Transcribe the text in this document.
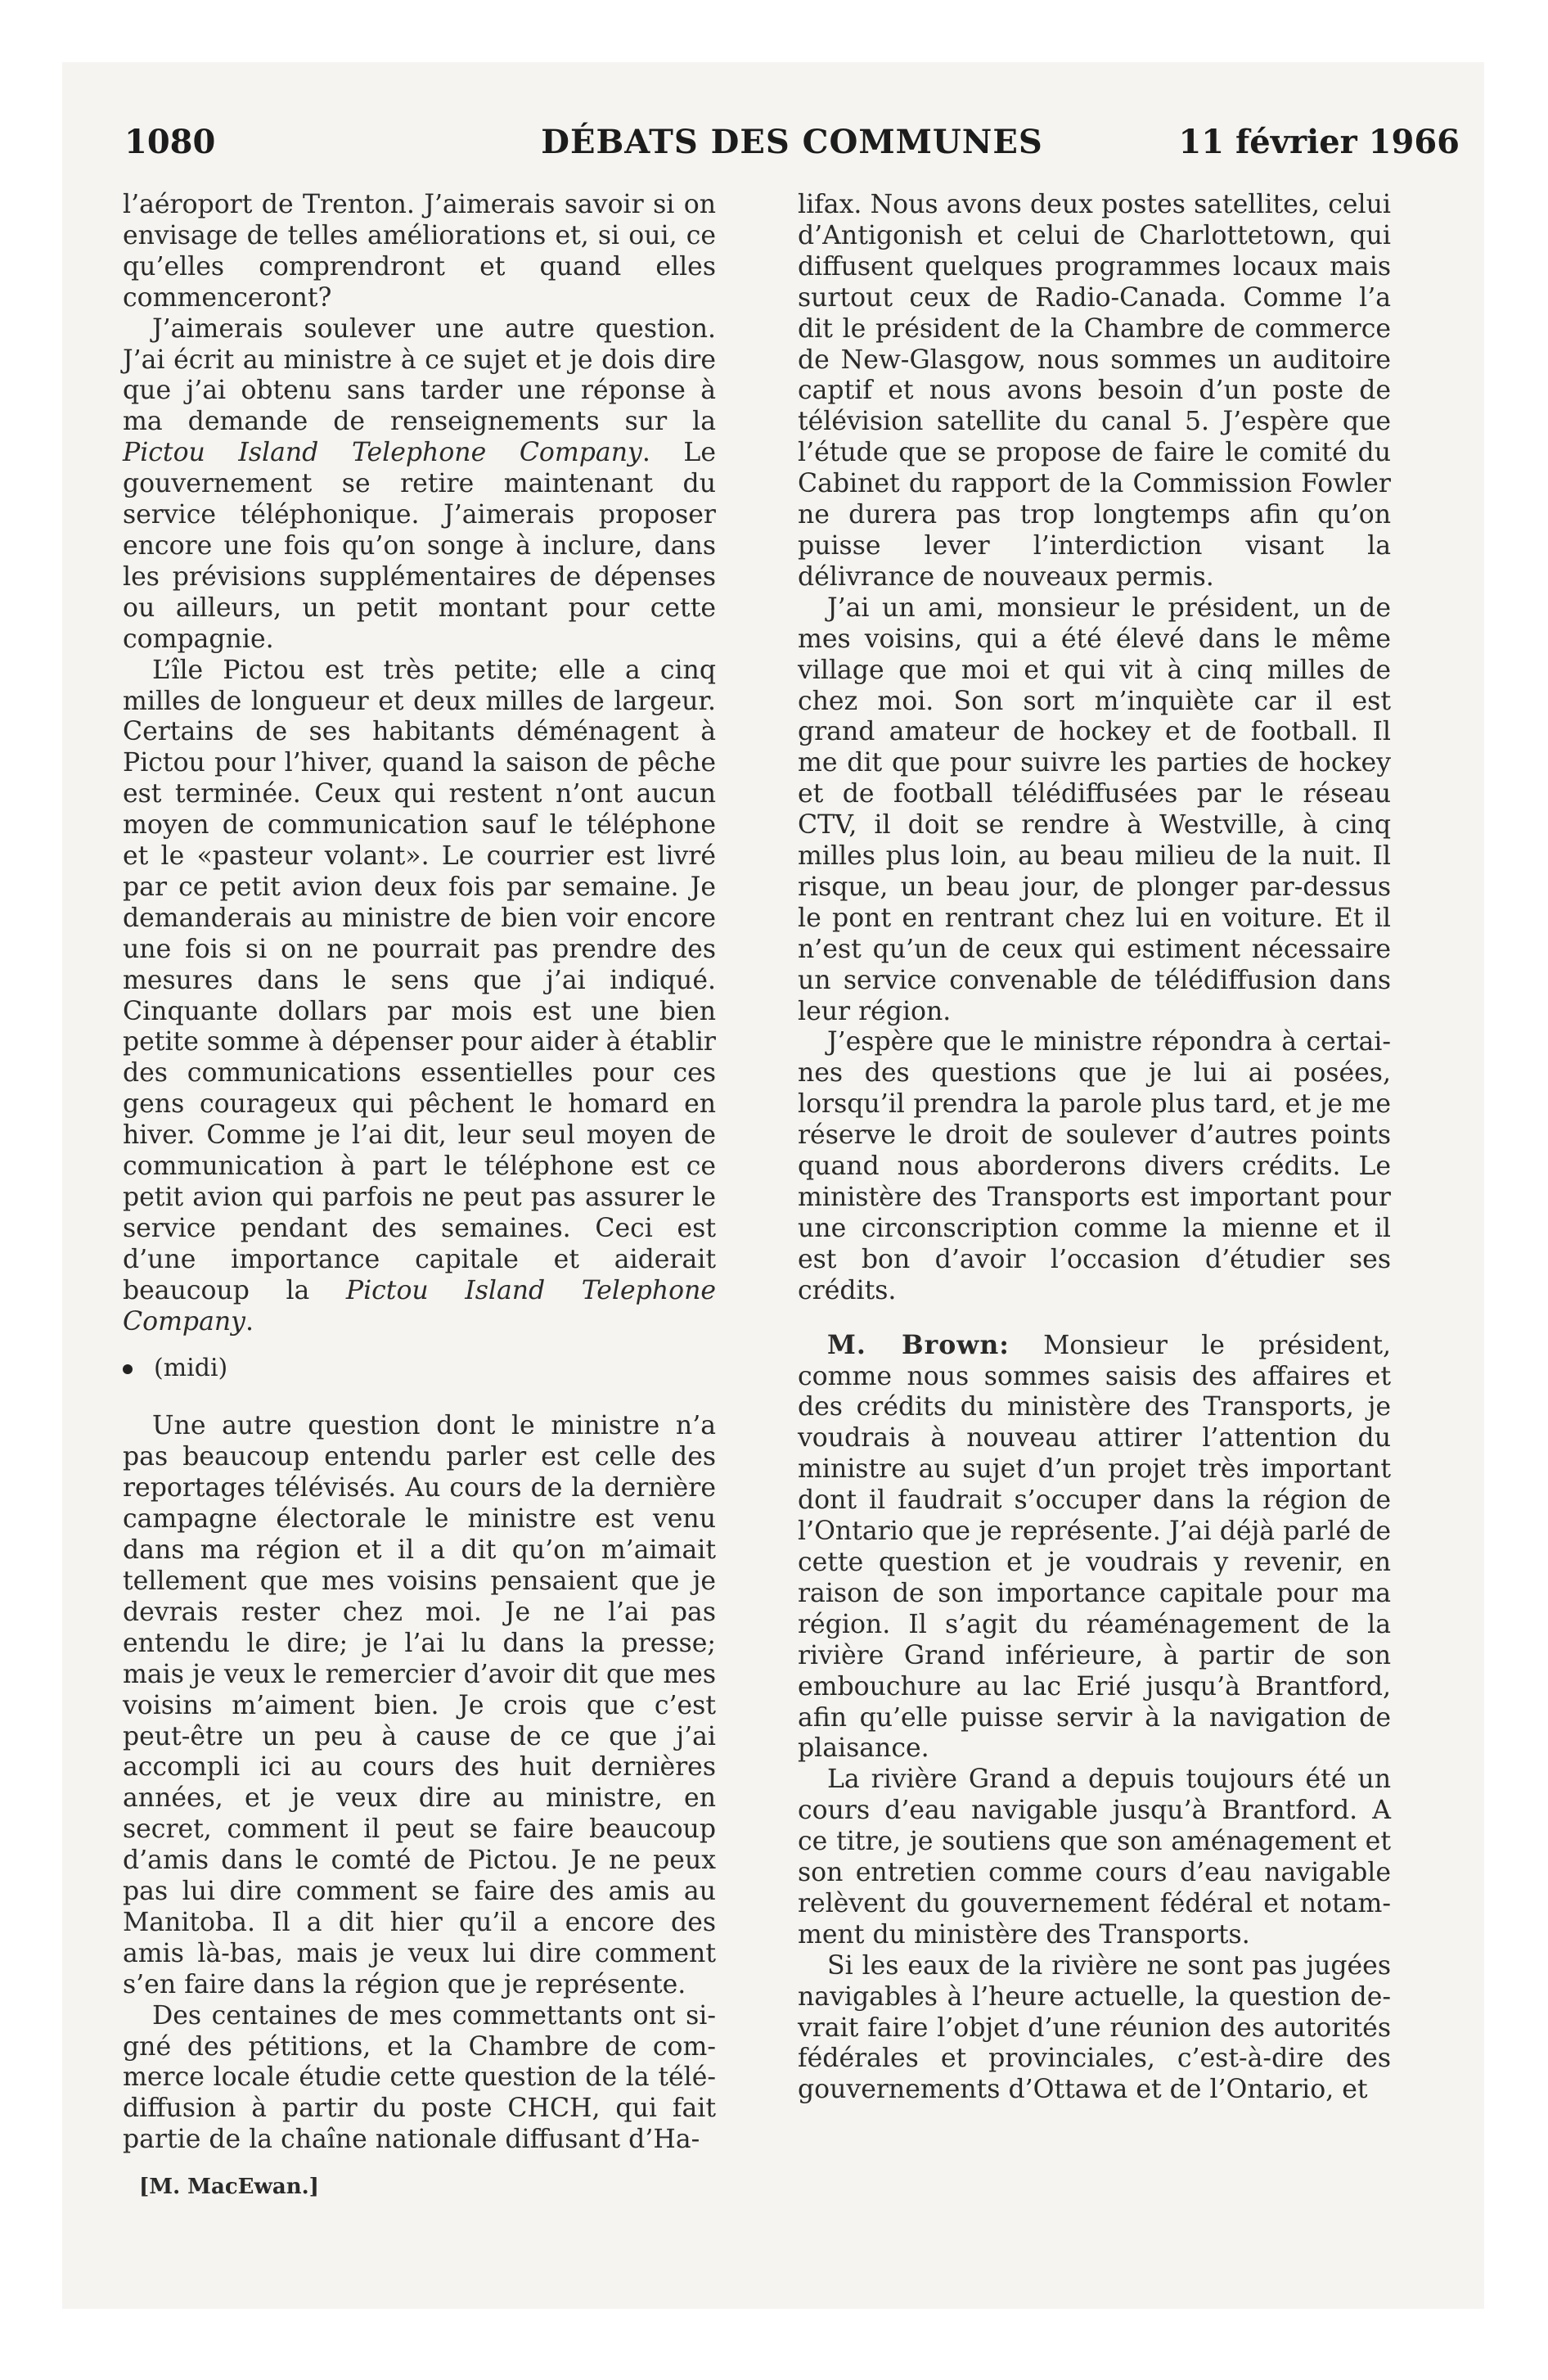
1080	DÉBATS DES COMMUNES	11 février 1966

l’aéroport de Trenton. J’aimerais savoir si on envisage de telles améliorations et, si oui, ce qu’elles comprendront et quand elles commenceront?

J’aimerais soulever une autre question. J’ai écrit au ministre à ce sujet et je dois dire que j’ai obtenu sans tarder une réponse à ma demande de renseignements sur la Pictou Island Telephone Company. Le gouvernement se retire maintenant du service téléphonique. J’aimerais proposer encore une fois qu’on songe à inclure, dans les prévisions supplémentaires de dépenses ou ailleurs, un petit montant pour cette compagnie.

L’île Pictou est très petite; elle a cinq milles de longueur et deux milles de largeur. Certains de ses habitants déménagent à Pictou pour l’hiver, quand la saison de pêche est terminée. Ceux qui restent n’ont aucun moyen de communication sauf le téléphone et le «pasteur volant». Le courrier est livré par ce petit avion deux fois par semaine. Je demanderais au ministre de bien voir encore une fois si on ne pourrait pas prendre des mesures dans le sens que j’ai indiqué. Cinquante dollars par mois est une bien petite somme à dépenser pour aider à établir des communications essentielles pour ces gens courageux qui pêchent le homard en hiver. Comme je l’ai dit, leur seul moyen de communication à part le téléphone est ce petit avion qui parfois ne peut pas assurer le service pendant des semaines. Ceci est d’une importance capitale et aiderait beaucoup la Pictou Island Telephone Company.

(midi)

Une autre question dont le ministre n’a pas beaucoup entendu parler est celle des reportages télévisés. Au cours de la dernière campagne électorale le ministre est venu dans ma région et il a dit qu’on m’aimait tellement que mes voisins pensaient que je devrais rester chez moi. Je ne l’ai pas entendu le dire; je l’ai lu dans la presse; mais je veux le remercier d’avoir dit que mes voisins m’aiment bien. Je crois que c’est peut-être un peu à cause de ce que j’ai accompli ici au cours des huit dernières années, et je veux dire au ministre, en secret, comment il peut se faire beaucoup d’amis dans le comté de Pictou. Je ne peux pas lui dire comment se faire des amis au Manitoba. Il a dit hier qu’il a encore des amis là-bas, mais je veux lui dire comment s’en faire dans la région que je représente.

Des centaines de mes commettants ont signé des pétitions, et la Chambre de commerce locale étudie cette question de la télédiffusion à partir du poste CHCH, qui fait partie de la chaîne nationale diffusant d’Ha-

[M. MacEwan.]

lifax. Nous avons deux postes satellites, celui d’Antigonish et celui de Charlottetown, qui diffusent quelques programmes locaux mais surtout ceux de Radio-Canada. Comme l’a dit le président de la Chambre de commerce de New-Glasgow, nous sommes un auditoire captif et nous avons besoin d’un poste de télévision satellite du canal 5. J’espère que l’étude que se propose de faire le comité du Cabinet du rapport de la Commission Fowler ne durera pas trop longtemps afin qu’on puisse lever l’interdiction visant la délivrance de nouveaux permis.

J’ai un ami, monsieur le président, un de mes voisins, qui a été élevé dans le même village que moi et qui vit à cinq milles de chez moi. Son sort m’inquiète car il est grand amateur de hockey et de football. Il me dit que pour suivre les parties de hockey et de football télédiffusées par le réseau CTV, il doit se rendre à Westville, à cinq milles plus loin, au beau milieu de la nuit. Il risque, un beau jour, de plonger par-dessus le pont en rentrant chez lui en voiture. Et il n’est qu’un de ceux qui estiment nécessaire un service convenable de télédiffusion dans leur région.

J’espère que le ministre répondra à certaines des questions que je lui ai posées, lorsqu’il prendra la parole plus tard, et je me réserve le droit de soulever d’autres points quand nous aborderons divers crédits. Le ministère des Transports est important pour une circonscription comme la mienne et il est bon d’avoir l’occasion d’étudier ses crédits.

M. Brown: Monsieur le président, comme nous sommes saisis des affaires et des crédits du ministère des Transports, je voudrais à nouveau attirer l’attention du ministre au sujet d’un projet très important dont il faudrait s’occuper dans la région de l’Ontario que je représente. J’ai déjà parlé de cette question et je voudrais y revenir, en raison de son importance capitale pour ma région. Il s’agit du réaménagement de la rivière Grand inférieure, à partir de son embouchure au lac Erié jusqu’à Brantford, afin qu’elle puisse servir à la navigation de plaisance.

La rivière Grand a depuis toujours été un cours d’eau navigable jusqu’à Brantford. A ce titre, je soutiens que son aménagement et son entretien comme cours d’eau navigable relèvent du gouvernement fédéral et notamment du ministère des Transports.

Si les eaux de la rivière ne sont pas jugées navigables à l’heure actuelle, la question devrait faire l’objet d’une réunion des autorités fédérales et provinciales, c’est-à-dire des gouvernements d’Ottawa et de l’Ontario, et
